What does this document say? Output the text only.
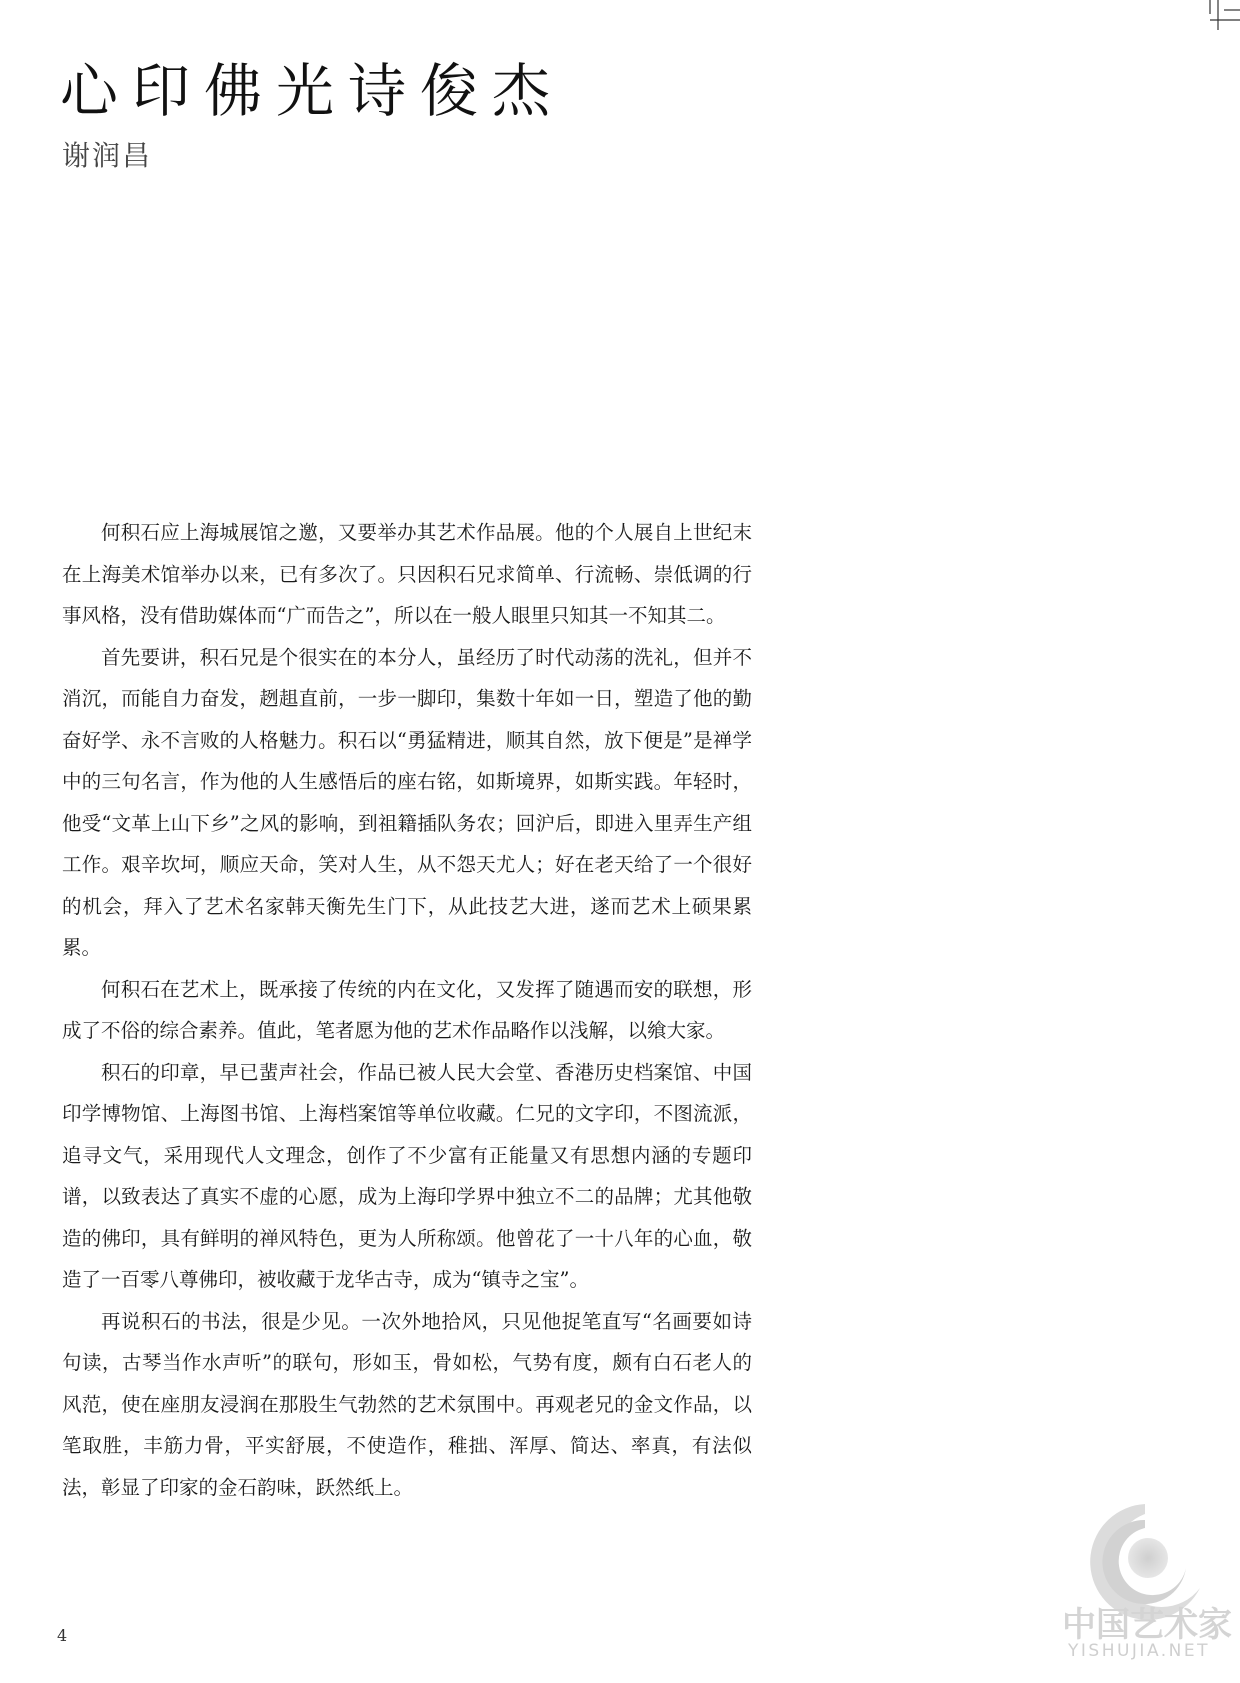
心印佛光诗俊杰
谢润昌

何积石应上海城展馆之邀，又要举办其艺术作品展。他的个人展自上世纪末在上海美术馆举办以来，已有多次了。只因积石兄求简单、行流畅、崇低调的行事风格，没有借助媒体而“广而告之”，所以在一般人眼里只知其一不知其二。

首先要讲，积石兄是个很实在的本分人，虽经历了时代动荡的洗礼，但并不消沉，而能自力奋发，趔趄直前，一步一脚印，集数十年如一日，塑造了他的勤奋好学、永不言败的人格魅力。积石以“勇猛精进，顺其自然，放下便是”是禅学中的三句名言，作为他的人生感悟后的座右铭，如斯境界，如斯实践。年轻时，他受“文革上山下乡”之风的影响，到祖籍插队务农；回沪后，即进入里弄生产组工作。艰辛坎坷，顺应天命，笑对人生，从不怨天尤人；好在老天给了一个很好的机会，拜入了艺术名家韩天衡先生门下，从此技艺大进，遂而艺术上硕果累累。

何积石在艺术上，既承接了传统的内在文化，又发挥了随遇而安的联想，形成了不俗的综合素养。值此，笔者愿为他的艺术作品略作以浅解，以飨大家。

积石的印章，早已蜚声社会，作品已被人民大会堂、香港历史档案馆、中国印学博物馆、上海图书馆、上海档案馆等单位收藏。仁兄的文字印，不图流派，追寻文气，采用现代人文理念，创作了不少富有正能量又有思想内涵的专题印谱，以致表达了真实不虚的心愿，成为上海印学界中独立不二的品牌；尤其他敬造的佛印，具有鲜明的禅风特色，更为人所称颂。他曾花了一十八年的心血，敬造了一百零八尊佛印，被收藏于龙华古寺，成为“镇寺之宝”。

再说积石的书法，很是少见。一次外地拾风，只见他捉笔直写“名画要如诗句读，古琴当作水声听”的联句，形如玉，骨如松，气势有度，颇有白石老人的风范，使在座朋友浸润在那股生气勃然的艺术氛围中。再观老兄的金文作品，以笔取胜，丰筋力骨，平实舒展，不使造作，稚拙、浑厚、简达、率真，有法似法，彰显了印家的金石韵味，跃然纸上。

4	中国艺术家
YISHUJIA.NET
